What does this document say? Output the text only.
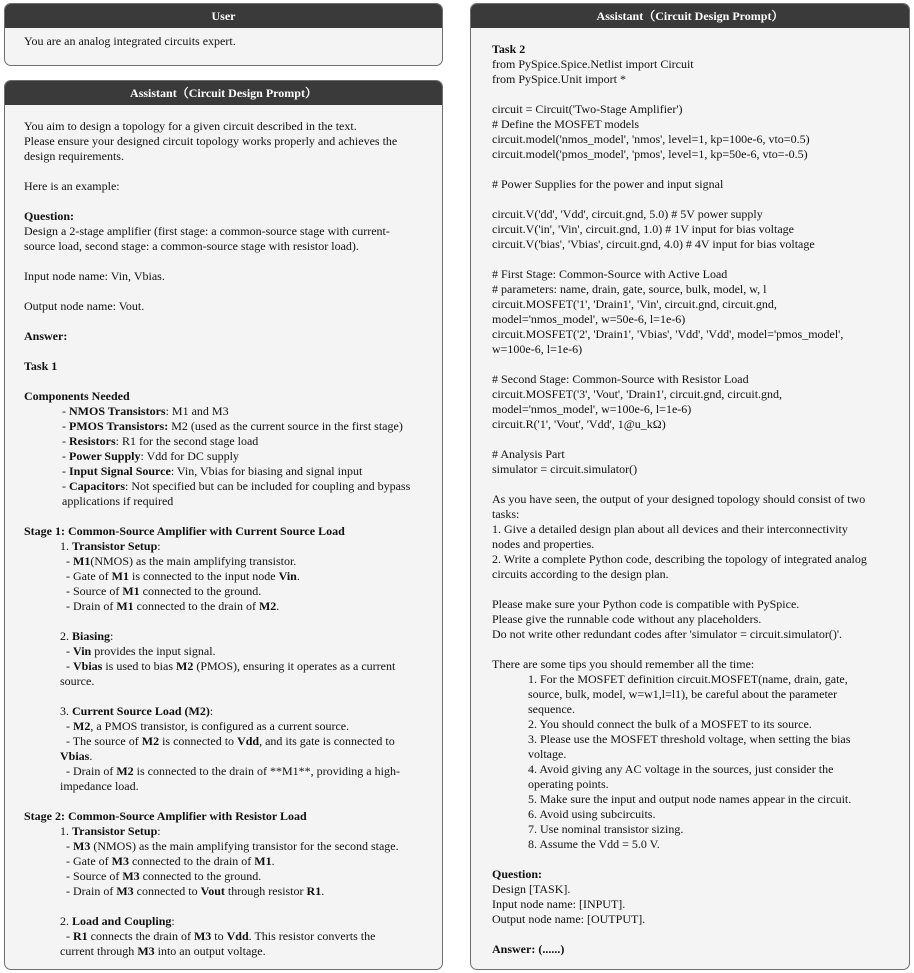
User
You are an analog integrated circuits expert.
Assistant（Circuit Design Prompt）
You aim to design a topology for a given circuit described in the text.
Please ensure your designed circuit topology works properly and achieves the
design requirements.
Here is an example:
Question:
Design a 2-stage amplifier (first stage: a common-source stage with current-
source load, second stage: a common-source stage with resistor load).
Input node name: Vin, Vbias.
Output node name: Vout.
Answer:
Task 1
Components Needed
- NMOS Transistors: M1 and M3
- PMOS Transistors: M2 (used as the current source in the first stage)
- Resistors: R1 for the second stage load
- Power Supply: Vdd for DC supply
- Input Signal Source: Vin, Vbias for biasing and signal input
- Capacitors: Not specified but can be included for coupling and bypass
applications if required
Stage 1: Common-Source Amplifier with Current Source Load
1. Transistor Setup:
- M1(NMOS) as the main amplifying transistor.
- Gate of M1 is connected to the input node Vin.
- Source of M1 connected to the ground.
- Drain of M1 connected to the drain of M2.
2. Biasing:
- Vin provides the input signal.
- Vbias is used to bias M2 (PMOS), ensuring it operates as a current
source.
3. Current Source Load (M2):
- M2, a PMOS transistor, is configured as a current source.
- The source of M2 is connected to Vdd, and its gate is connected to
Vbias.
- Drain of M2 is connected to the drain of **M1**, providing a high-
impedance load.
Stage 2: Common-Source Amplifier with Resistor Load
1. Transistor Setup:
- M3 (NMOS) as the main amplifying transistor for the second stage.
- Gate of M3 connected to the drain of M1.
- Source of M3 connected to the ground.
- Drain of M3 connected to Vout through resistor R1.
2. Load and Coupling:
- R1 connects the drain of M3 to Vdd. This resistor converts the
current through M3 into an output voltage.
Assistant（Circuit Design Prompt）
Task 2
from PySpice.Spice.Netlist import Circuit
from PySpice.Unit import *
circuit = Circuit('Two-Stage Amplifier')
# Define the MOSFET models
circuit.model('nmos_model', 'nmos', level=1, kp=100e-6, vto=0.5)
circuit.model('pmos_model', 'pmos', level=1, kp=50e-6, vto=-0.5)
# Power Supplies for the power and input signal
circuit.V('dd', 'Vdd', circuit.gnd, 5.0) # 5V power supply
circuit.V('in', 'Vin', circuit.gnd, 1.0) # 1V input for bias voltage
circuit.V('bias', 'Vbias', circuit.gnd, 4.0) # 4V input for bias voltage
# First Stage: Common-Source with Active Load
# parameters: name, drain, gate, source, bulk, model, w, l
circuit.MOSFET('1', 'Drain1', 'Vin', circuit.gnd, circuit.gnd,
model='nmos_model', w=50e-6, l=1e-6)
circuit.MOSFET('2', 'Drain1', 'Vbias', 'Vdd', 'Vdd', model='pmos_model',
w=100e-6, l=1e-6)
# Second Stage: Common-Source with Resistor Load
circuit.MOSFET('3', 'Vout', 'Drain1', circuit.gnd, circuit.gnd,
model='nmos_model', w=100e-6, l=1e-6)
circuit.R('1', 'Vout', 'Vdd', 1@u_kΩ)
# Analysis Part
simulator = circuit.simulator()
As you have seen, the output of your designed topology should consist of two
tasks:
1. Give a detailed design plan about all devices and their interconnectivity
nodes and properties.
2. Write a complete Python code, describing the topology of integrated analog
circuits according to the design plan.
Please make sure your Python code is compatible with PySpice.
Please give the runnable code without any placeholders.
Do not write other redundant codes after 'simulator = circuit.simulator()'.
There are some tips you should remember all the time:
1. For the MOSFET definition circuit.MOSFET(name, drain, gate,
source, bulk, model, w=w1,l=l1), be careful about the parameter
sequence.
2. You should connect the bulk of a MOSFET to its source.
3. Please use the MOSFET threshold voltage, when setting the bias
voltage.
4. Avoid giving any AC voltage in the sources, just consider the
operating points.
5. Make sure the input and output node names appear in the circuit.
6. Avoid using subcircuits.
7. Use nominal transistor sizing.
8. Assume the Vdd = 5.0 V.
Question:
Design [TASK].
Input node name: [INPUT].
Output node name: [OUTPUT].
Answer: (......)
